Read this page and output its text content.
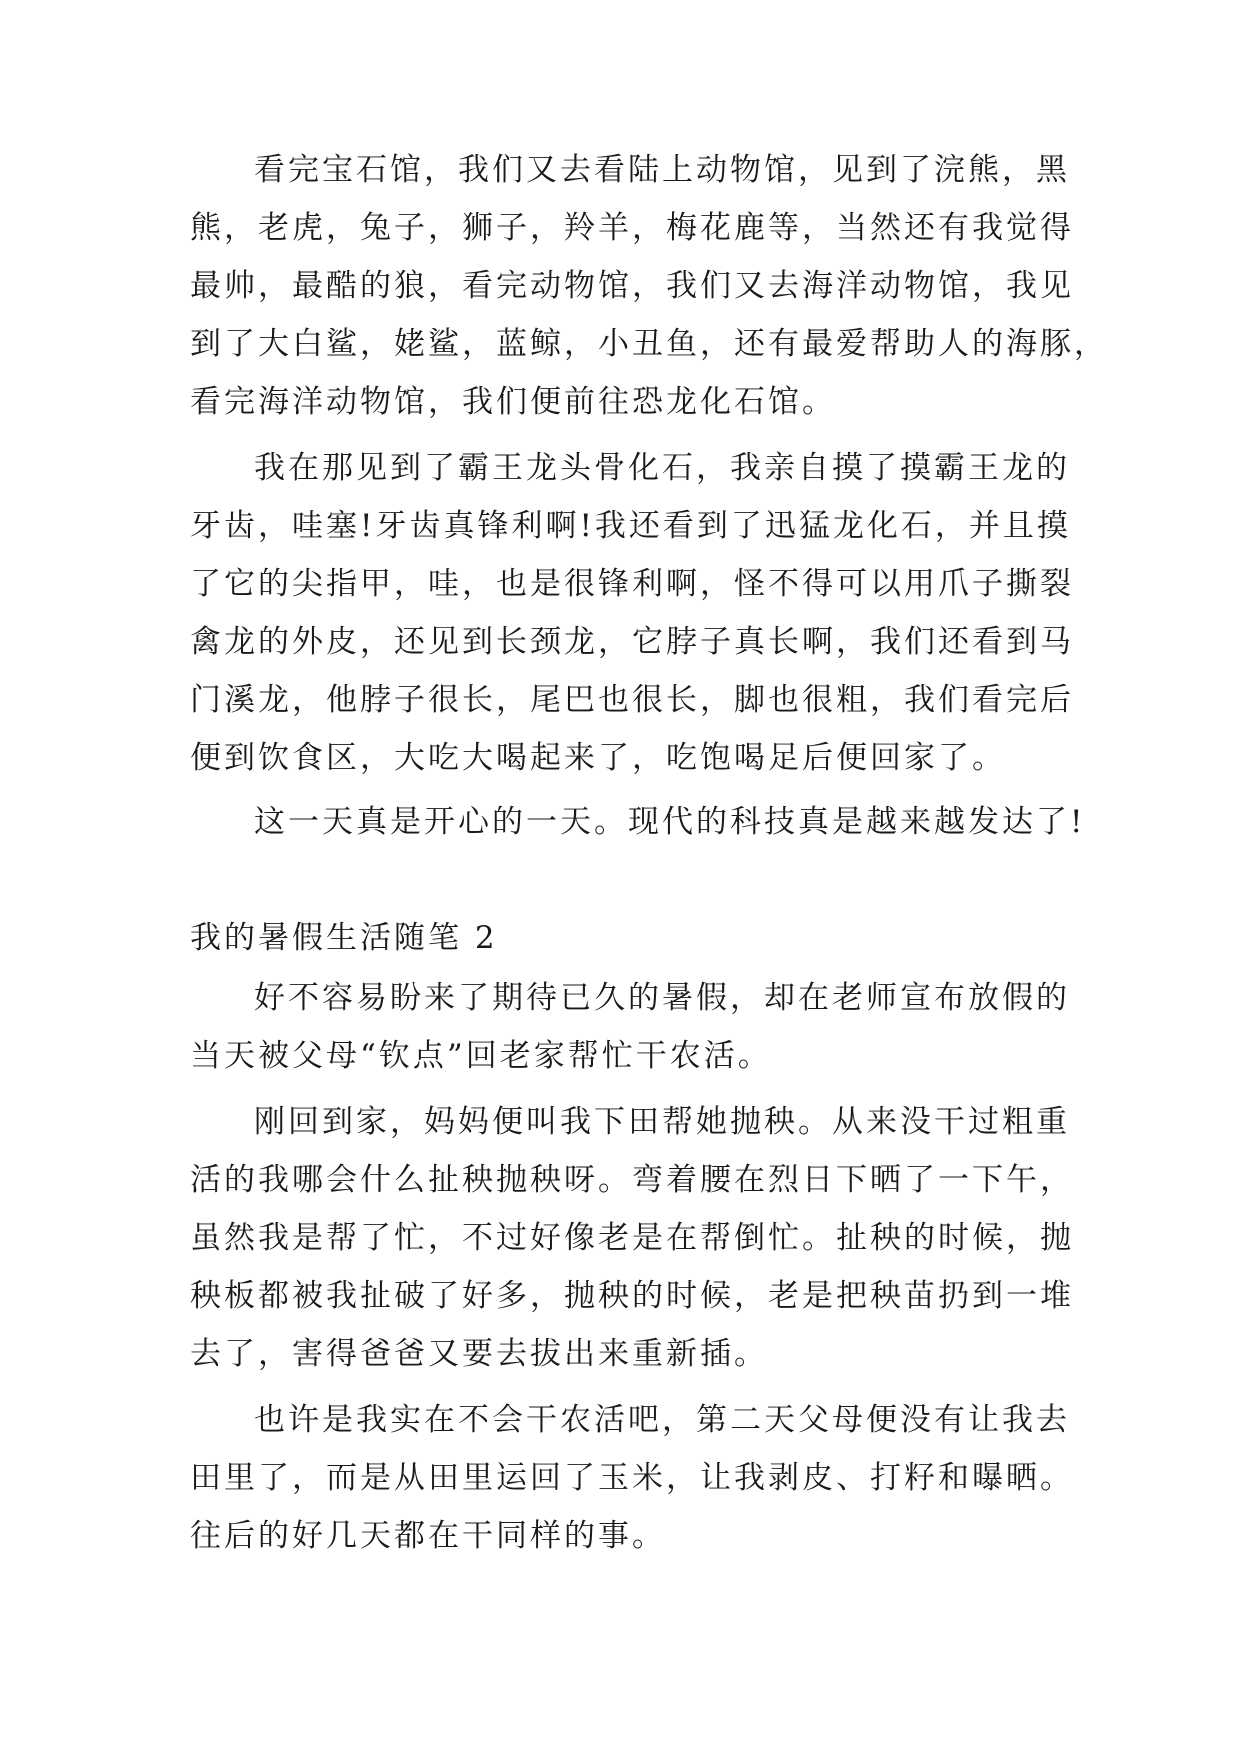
看完宝石馆，我们又去看陆上动物馆，见到了浣熊，黑
熊，老虎，兔子，狮子，羚羊，梅花鹿等，当然还有我觉得
最帅，最酷的狼，看完动物馆，我们又去海洋动物馆，我见
到了大白鲨，姥鲨，蓝鲸，小丑鱼，还有最爱帮助人的海豚，
看完海洋动物馆，我们便前往恐龙化石馆。
我在那见到了霸王龙头骨化石，我亲自摸了摸霸王龙的
牙齿，哇塞!牙齿真锋利啊!我还看到了迅猛龙化石，并且摸
了它的尖指甲，哇，也是很锋利啊，怪不得可以用爪子撕裂
禽龙的外皮，还见到长颈龙，它脖子真长啊，我们还看到马
门溪龙，他脖子很长，尾巴也很长，脚也很粗，我们看完后
便到饮食区，大吃大喝起来了，吃饱喝足后便回家了。
这一天真是开心的一天。现代的科技真是越来越发达了!
我的暑假生活随笔 2
好不容易盼来了期待已久的暑假，却在老师宣布放假的
当天被父母“钦点”回老家帮忙干农活。
刚回到家，妈妈便叫我下田帮她抛秧。从来没干过粗重
活的我哪会什么扯秧抛秧呀。弯着腰在烈日下晒了一下午，
虽然我是帮了忙，不过好像老是在帮倒忙。扯秧的时候，抛
秧板都被我扯破了好多，抛秧的时候，老是把秧苗扔到一堆
去了，害得爸爸又要去拔出来重新插。
也许是我实在不会干农活吧，第二天父母便没有让我去
田里了，而是从田里运回了玉米，让我剥皮、打籽和曝晒。
往后的好几天都在干同样的事。
